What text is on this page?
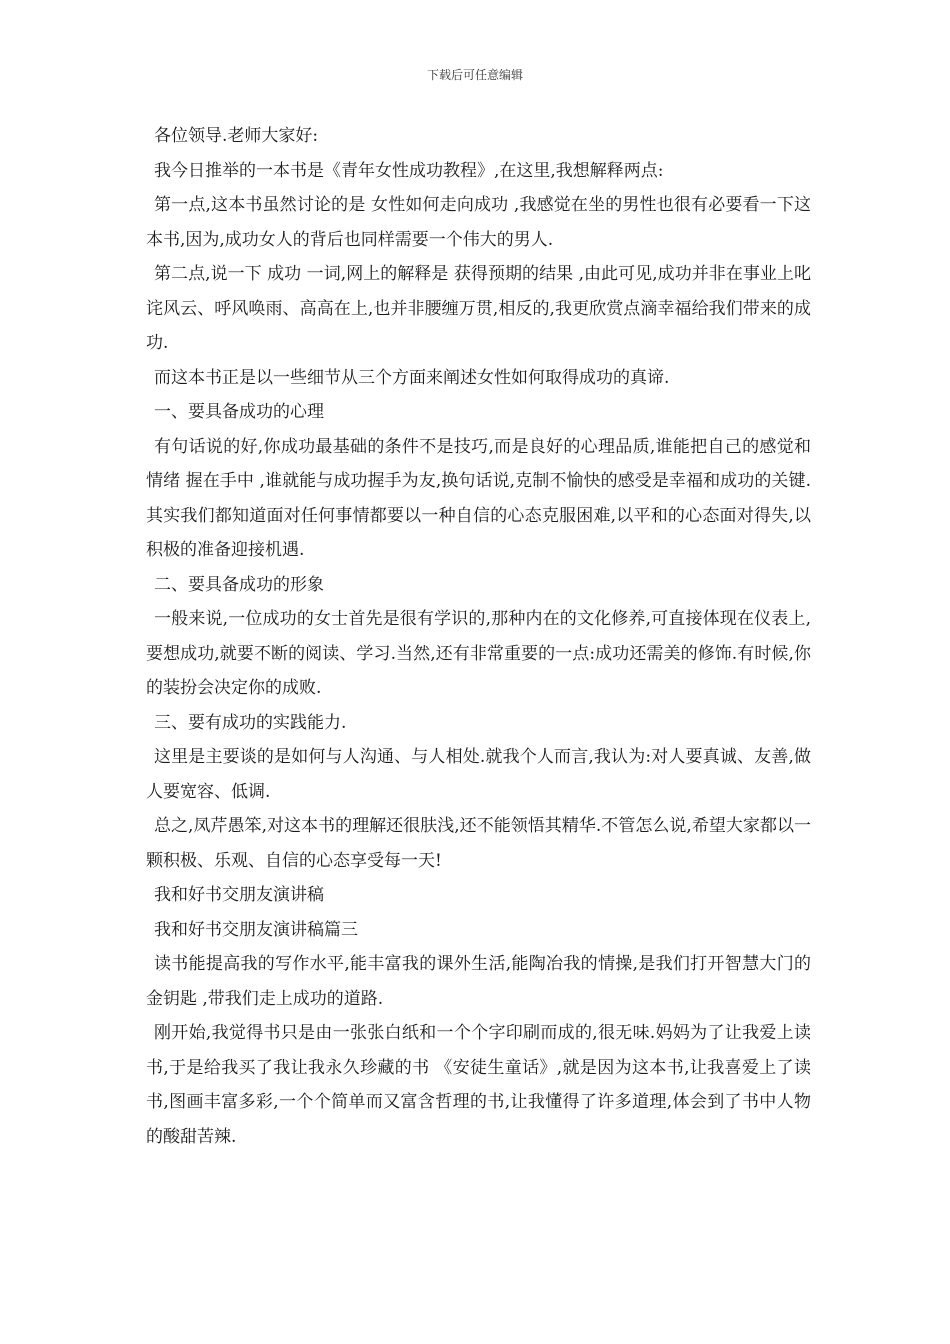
下载后可任意编辑

各位领导.老师大家好:

我今日推举的一本书是《青年女性成功教程》,在这里,我想解释两点:

第一点,这本书虽然讨论的是 女性如何走向成功 ,我感觉在坐的男性也很有必要看一下这本书,因为,成功女人的背后也同样需要一个伟大的男人.

第二点,说一下 成功 一词,网上的解释是 获得预期的结果 ,由此可见,成功并非在事业上叱诧风云、呼风唤雨、高高在上,也并非腰缠万贯,相反的,我更欣赏点滴幸福给我们带来的成功.

而这本书正是以一些细节从三个方面来阐述女性如何取得成功的真谛.

一、要具备成功的心理

有句话说的好,你成功最基础的条件不是技巧,而是良好的心理品质,谁能把自己的感觉和情绪 握在手中 ,谁就能与成功握手为友,换句话说,克制不愉快的感受是幸福和成功的关键.其实我们都知道面对任何事情都要以一种自信的心态克服困难,以平和的心态面对得失,以积极的准备迎接机遇.

二、要具备成功的形象

一般来说,一位成功的女士首先是很有学识的,那种内在的文化修养,可直接体现在仪表上,要想成功,就要不断的阅读、学习.当然,还有非常重要的一点:成功还需美的修饰.有时候,你的装扮会决定你的成败.

三、要有成功的实践能力.

这里是主要谈的是如何与人沟通、与人相处.就我个人而言,我认为:对人要真诚、友善,做人要宽容、低调.

总之,凤芹愚笨,对这本书的理解还很肤浅,还不能领悟其精华.不管怎么说,希望大家都以一颗积极、乐观、自信的心态享受每一天!

我和好书交朋友演讲稿

我和好书交朋友演讲稿篇三

读书能提高我的写作水平,能丰富我的课外生活,能陶冶我的情操,是我们打开智慧大门的 金钥匙 ,带我们走上成功的道路.

刚开始,我觉得书只是由一张张白纸和一个个字印刷而成的,很无味.妈妈为了让我爱上读书,于是给我买了我让我永久珍藏的书 《安徒生童话》,就是因为这本书,让我喜爱上了读书,图画丰富多彩,一个个简单而又富含哲理的书,让我懂得了许多道理,体会到了书中人物的酸甜苦辣.
